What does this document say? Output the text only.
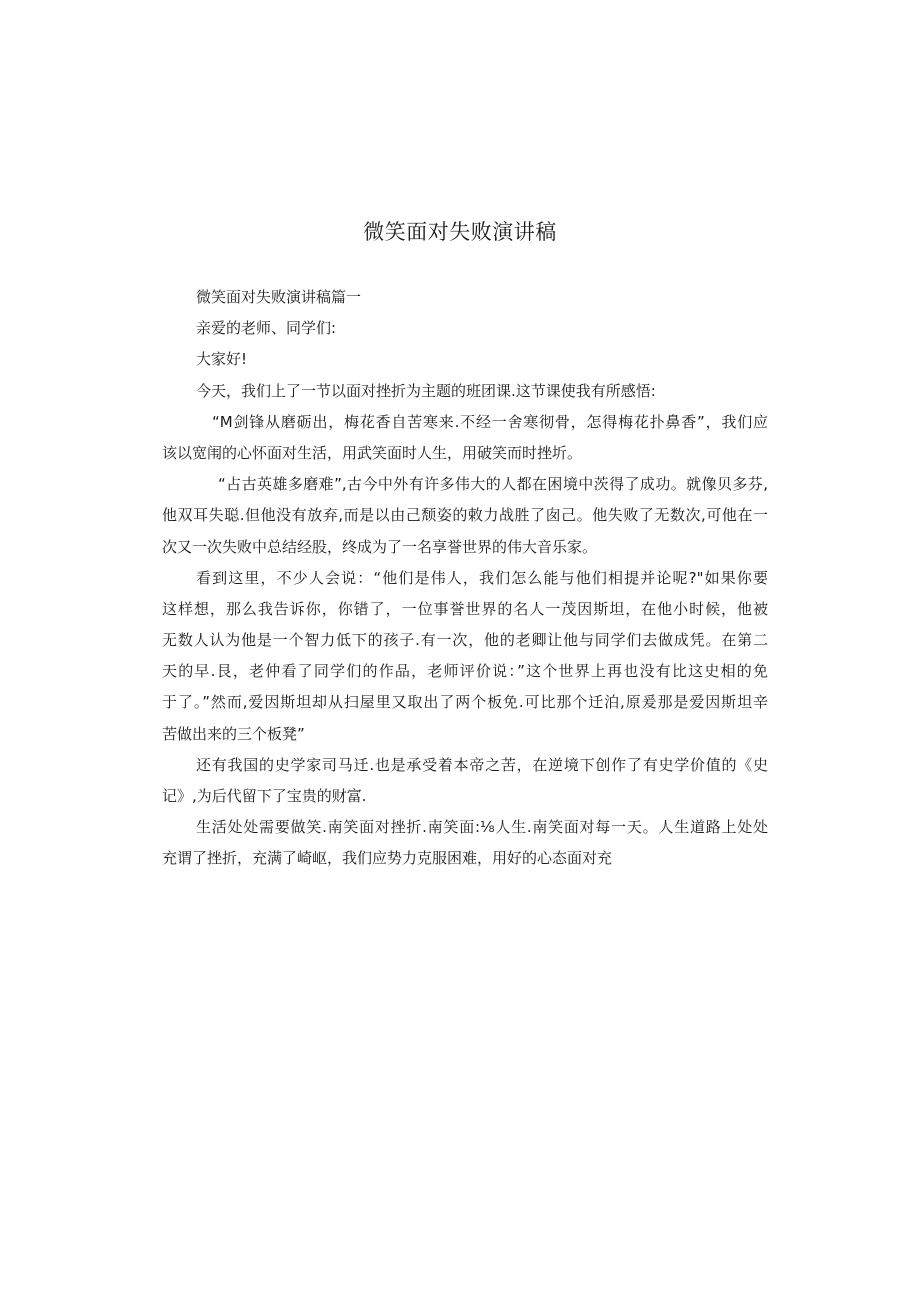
微笑面对失败演讲稿
微笑面对失败演讲稿篇一
亲爱的老师、同学们:
大家好!
今天，我们上了一节以面对挫折为主题的班团课.这节课使我有所感悟:
“M剑锋从磨砺出，梅花香自苦寒来.不经一舍寒彻骨，怎得梅花扑鼻香”，我们应
该以宽闱的心怀面对生活，用武笑面时人生，用破笑而时挫圻。
“占古英雄多磨难”,古今中外有许多伟大的人都在困境中茨得了成功。就像贝多芬,
他双耳失聪.但他没有放弃,而是以由己颓姿的敕力战胜了囱己。他失败了无数次,可他在一
次又一次失败中总结经股，终成为了一名享誉世界的伟大音乐家。
看到这里，不少人会说：“他们是伟人，我们怎么能与他们相提并论呢?"如果你要
这样想，那么我告诉你，你错了，一位事誉世界的名人一茂因斯坦，在他小时候，他被
无数人认为他是一个智力低下的孩子.有一次，他的老卿让他与同学们去做成凭。在第二
天的早.艮，老仲看了同学们的作品，老师评价说：”这个世界上再也没有比这史相的免
于了。”然而,爱因斯坦却从扫屋里又取出了两个板免.可比那个迁泊,原爰那是爱因斯坦辛
苦做出来的三个板凳”
还有我国的史学家司马迁.也是承受着本帝之苦，在逆境下创作了有史学价值的《史
记》,为后代留下了宝贵的财富.
生活处处需要做笑.南笑面对挫折.南笑面:⅛人生.南笑面对每一天。人生道路上处处
充谓了挫折，充满了崎岖，我们应势力克服困难，用好的心态面对充
